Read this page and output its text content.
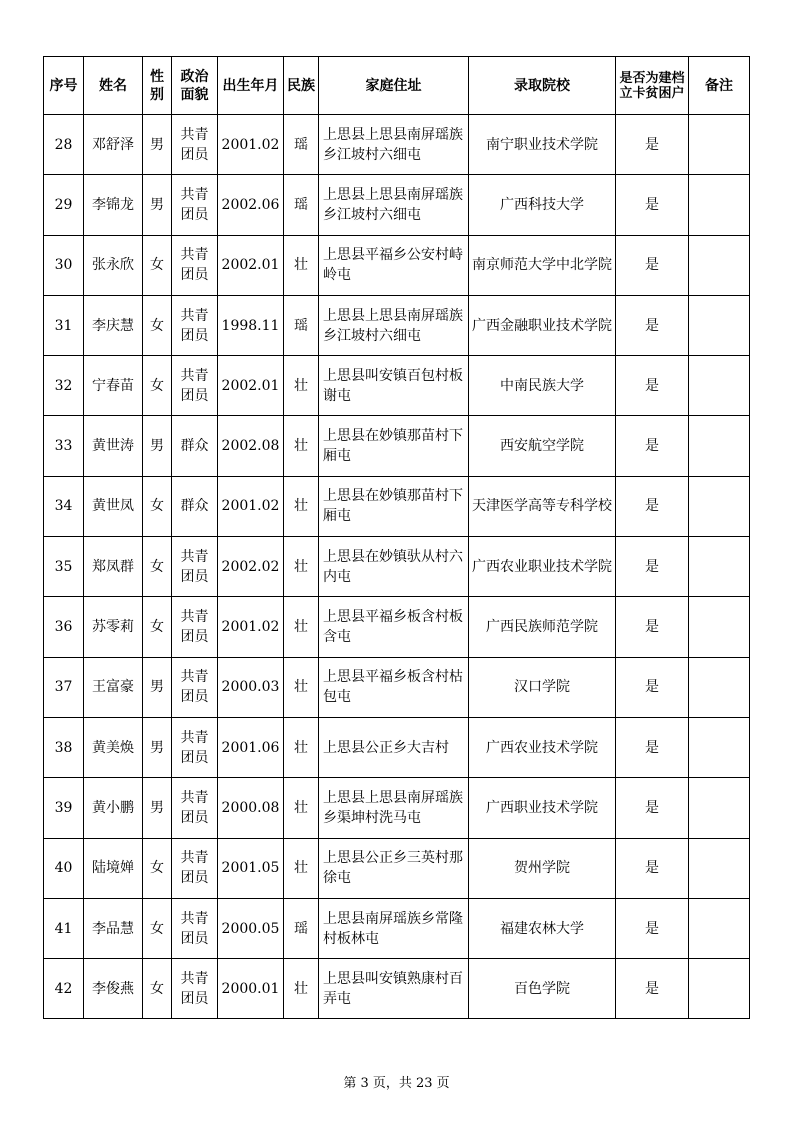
序号	姓名	性别	政治面貌	出生年月	民族	家庭住址	录取院校	是否为建档立卡贫困户	备注
28	邓舒泽	男	共青团员	2001.02	瑶	上思县上思县南屏瑶族乡江坡村六细屯	南宁职业技术学院	是	
29	李锦龙	男	共青团员	2002.06	瑶	上思县上思县南屏瑶族乡江坡村六细屯	广西科技大学	是	
30	张永欣	女	共青团员	2002.01	壮	上思县平福乡公安村峙岭屯	南京师范大学中北学院	是	
31	李庆慧	女	共青团员	1998.11	瑶	上思县上思县南屏瑶族乡江坡村六细屯	广西金融职业技术学院	是	
32	宁春苗	女	共青团员	2002.01	壮	上思县叫安镇百包村板谢屯	中南民族大学	是	
33	黄世涛	男	群众	2002.08	壮	上思县在妙镇那苗村下厢屯	西安航空学院	是	
34	黄世凤	女	群众	2001.02	壮	上思县在妙镇那苗村下厢屯	天津医学高等专科学校	是	
35	郑凤群	女	共青团员	2002.02	壮	上思县在妙镇驮从村六内屯	广西农业职业技术学院	是	
36	苏零莉	女	共青团员	2001.02	壮	上思县平福乡板含村板含屯	广西民族师范学院	是	
37	王富豪	男	共青团员	2000.03	壮	上思县平福乡板含村枯包屯	汉口学院	是	
38	黄美焕	男	共青团员	2001.06	壮	上思县公正乡大吉村	广西农业技术学院	是	
39	黄小鹏	男	共青团员	2000.08	壮	上思县上思县南屏瑶族乡渠坤村洗马屯	广西职业技术学院	是	
40	陆境婵	女	共青团员	2001.05	壮	上思县公正乡三英村那徐屯	贺州学院	是	
41	李品慧	女	共青团员	2000.05	瑶	上思县南屏瑶族乡常隆村板林屯	福建农林大学	是	
42	李俊燕	女	共青团员	2000.01	壮	上思县叫安镇熟康村百弄屯	百色学院	是	
第 3 页，共 23 页
